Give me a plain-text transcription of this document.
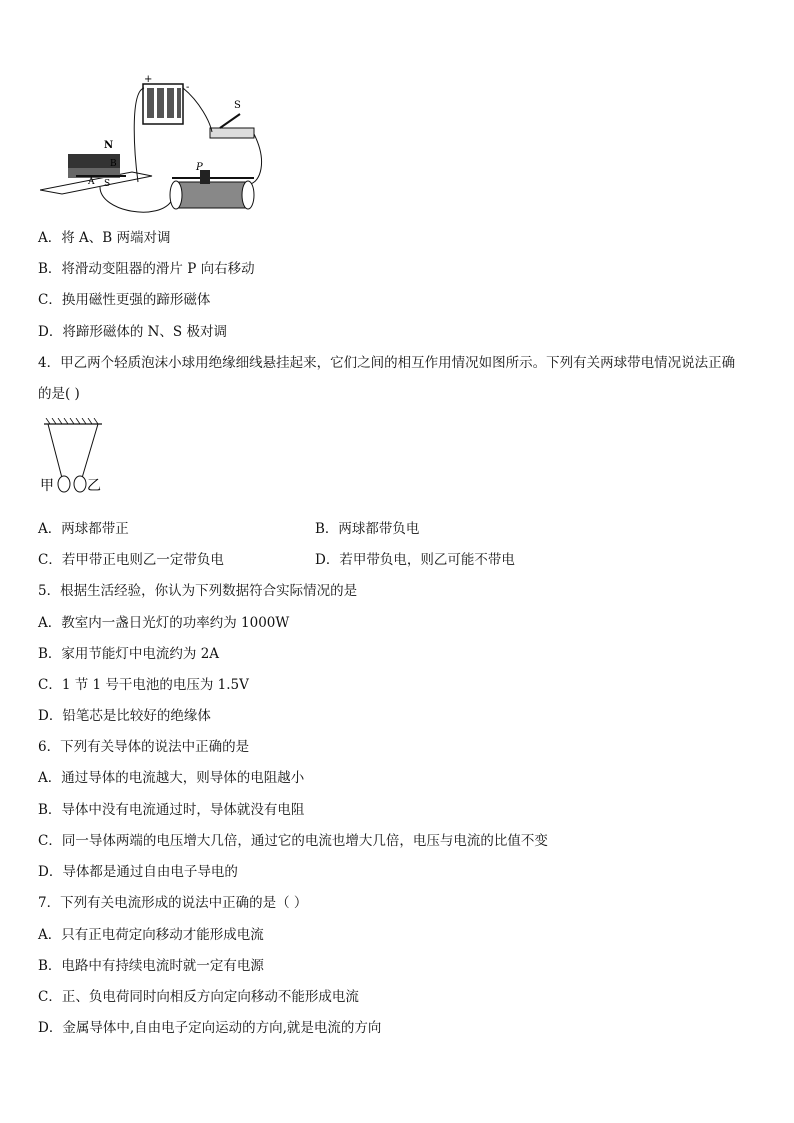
+
-
S
N
B
A S
P
A．将 A、B 两端对调
B．将滑动变阻器的滑片 P 向右移动
C．换用磁性更强的蹄形磁体
D．将蹄形磁体的 N、S 极对调
4．甲乙两个轻质泡沫小球用绝缘细线悬挂起来，它们之间的相互作用情况如图所示。下列有关两球带电情况说法正确
的是( )
甲 乙
A．两球都带正	B．两球都带负电
C．若甲带正电则乙一定带负电	D．若甲带负电，则乙可能不带电
5．根据生活经验，你认为下列数据符合实际情况的是
A．教室内一盏日光灯的功率约为 1000W
B．家用节能灯中电流约为 2A
C．1 节 1 号干电池的电压为 1.5V
D．铅笔芯是比较好的绝缘体
6．下列有关导体的说法中正确的是
A．通过导体的电流越大，则导体的电阻越小
B．导体中没有电流通过时，导体就没有电阻
C．同一导体两端的电压增大几倍，通过它的电流也增大几倍，电压与电流的比值不变
D．导体都是通过自由电子导电的
7．下列有关电流形成的说法中正确的是（ ）
A．只有正电荷定向移动才能形成电流
B．电路中有持续电流时就一定有电源
C．正、负电荷同时向相反方向定向移动不能形成电流
D．金属导体中,自由电子定向运动的方向,就是电流的方向
